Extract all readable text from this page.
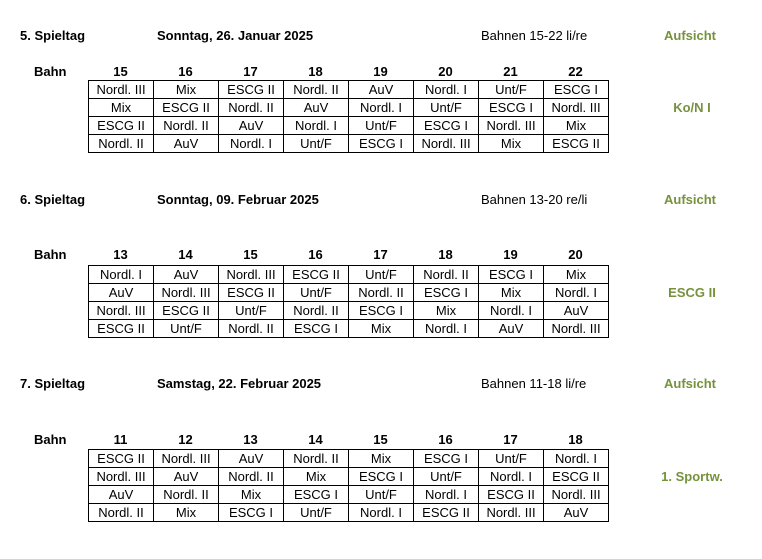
5. Spieltag	Sonntag, 26. Januar 2025	Bahnen 15-22 li/re	Aufsicht
Bahn	15	16	17	18	19	20	21	22
Nordl. III	Mix	ESCG II	Nordl. II	AuV	Nordl. I	Unt/F	ESCG I
Mix	ESCG II	Nordl. II	AuV	Nordl. I	Unt/F	ESCG I	Nordl. III
ESCG II	Nordl. II	AuV	Nordl. I	Unt/F	ESCG I	Nordl. III	Mix
Nordl. II	AuV	Nordl. I	Unt/F	ESCG I	Nordl. III	Mix	ESCG II
Ko/N I
6. Spieltag	Sonntag, 09. Februar 2025	Bahnen 13-20 re/li	Aufsicht
Bahn	13	14	15	16	17	18	19	20
Nordl. I	AuV	Nordl. III	ESCG II	Unt/F	Nordl. II	ESCG I	Mix
AuV	Nordl. III	ESCG II	Unt/F	Nordl. II	ESCG I	Mix	Nordl. I
Nordl. III	ESCG II	Unt/F	Nordl. II	ESCG I	Mix	Nordl. I	AuV
ESCG II	Unt/F	Nordl. II	ESCG I	Mix	Nordl. I	AuV	Nordl. III
ESCG II
7. Spieltag	Samstag, 22. Februar 2025	Bahnen 11-18 li/re	Aufsicht
Bahn	11	12	13	14	15	16	17	18
ESCG II	Nordl. III	AuV	Nordl. II	Mix	ESCG I	Unt/F	Nordl. I
Nordl. III	AuV	Nordl. II	Mix	ESCG I	Unt/F	Nordl. I	ESCG II
AuV	Nordl. II	Mix	ESCG I	Unt/F	Nordl. I	ESCG II	Nordl. III
Nordl. II	Mix	ESCG I	Unt/F	Nordl. I	ESCG II	Nordl. III	AuV
1. Sportw.
